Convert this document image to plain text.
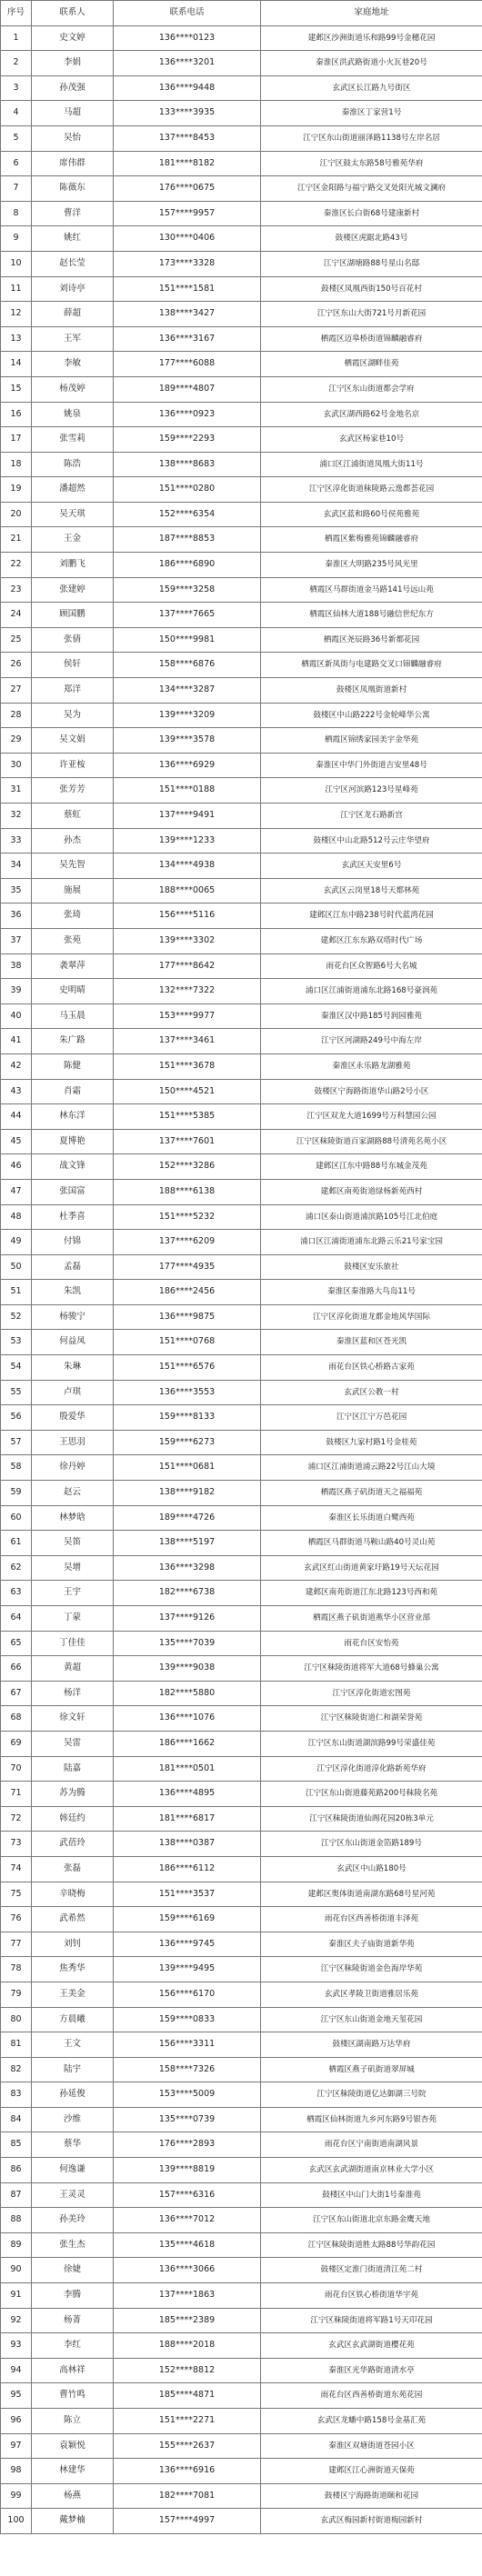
序号	联系人	联系电话	家庭地址
1	史文婷	136****0123	建邺区沙洲街道乐和路99号金穗花园
2	李娟	136****3201	秦淮区洪武路街道小火瓦巷20号
3	孙茂强	136****9448	玄武区长江路九号街区
4	马超	133****3935	秦淮区丁家营1号
5	吴怡	137****8453	江宁区东山街道丽泽路1138号左岸名居
6	席伟群	181****8182	江宁区鼓太东路58号雅苑华府
7	陈薇东	176****0675	江宁区金阳路与福宁路交叉处阳光城文澜府
8	曹洋	157****9957	秦淮区长白街68号建康新村
9	姚红	130****0406	鼓楼区虎踞北路43号
10	赵长莹	173****3328	江宁区湖塘路88号星山名邸
11	刘诗亭	151****1581	鼓楼区凤凰西街150号百花村
12	薛超	138****3427	江宁区东山大街721号月新花园
13	王军	136****3167	栖霞区迈皋桥街道锦麟融睿府
14	李敏	177****6088	栖霞区湖畔佳苑
15	杨茂婷	189****4807	江宁区东山街道都会学府
16	姚泉	136****0923	玄武区湖西路62号金地名京
17	张雪莉	159****2293	玄武区杨家巷10号
18	陈浩	138****8683	浦口区江浦街道凤凰大街11号
19	潘超然	151****0280	江宁区淳化街道秣陵路云逸都荟花园
20	吴天琪	152****6354	玄武区蓝和路60号侯苑雅苑
21	王金	187****8853	栖霞区紫梅雅苑锦麟融睿府
22	刘鹏飞	186****6890	秦淮区大明路235号风光里
23	张建婷	159****3258	栖霞区马群街道金马路141号远山苑
24	顾国鹏	137****7665	栖霞区仙林大道188号融信世纪东方
25	张倩	150****9981	栖霞区尧辰路36号新都花园
26	侯轩	158****6876	栖霞区新凤街与电建路交叉口锦麟融睿府
27	郑洋	134****3287	鼓楼区凤凰街道新村
28	吴为	139****3209	鼓楼区中山路222号金轮峰华公寓
29	吴文娟	139****3578	栖霞区锦绣家园美宇金华苑
30	许亚桉	136****6929	秦淮区中华门外街道吉安里48号
31	张芳芳	151****0188	江宁区河滨路123号星峰苑
32	蔡虹	137****9491	江宁区龙石路新宫
33	孙杰	139****1233	鼓楼区中山北路512号云庄华望府
34	吴先智	134****4938	玄武区天安里6号
35	施展	188****0065	玄武区云岗里18号天都林苑
36	张琦	156****5116	建邺区江东中路238号时代蓝湾花园
37	张苑	139****3302	建邺区江东东路双塔时代广场
38	袭翠萍	177****8642	雨花台区众智路6号大名城
39	史明晴	132****7322	浦口区江浦街道浦东北路168号豪润苑
40	马玉晨	153****9977	秦淮区汉中路185号润园雅苑
41	朱广路	137****3461	江宁区河湖路249号中海左岸
42	陈健	151****3678	秦淮区永乐路龙湖雅苑
43	肖霜	150****4521	鼓楼区宁海路街道华山路2号小区
44	林东洋	151****5385	江宁区双龙大道1699号万科慧园公园
45	夏博艳	137****7601	江宁区秣陵街道百家湖路88号清苑名苑小区
46	战文锋	152****3286	建邺区江东中路88号东城金茂苑
47	张国富	188****6138	建邺区南苑街道绿杨新苑西村
48	杜季喜	151****5232	浦口区泰山街道浦滨路105号江北伯庭
49	付锦	137****6209	浦口区江浦街道浦东北路云乐21号家宝园
50	孟磊	177****4935	鼓楼区安乐旅社
51	朱凯	186****2456	秦淮区秦淮路大鸟岛11号
52	杨骏宁	136****9875	江宁区淳化街道龙都金地风华国际
53	何益凤	151****0768	秦淮区蓝和区苍光凯
54	朱琳	151****6576	雨花台区铁心桥路古家苑
55	卢琪	136****3553	玄武区公教一村
56	殷爱华	159****8133	江宁区江宁万邑花园
57	王思羽	159****6273	鼓楼区九家村路1号金桂苑
58	徐丹婷	151****0681	浦口区江浦街道浦云路22号江山大境
59	赵云	138****9182	栖霞区燕子矶街道天之福福苑
60	林梦晗	189****4726	秦淮区长乐街道白鹭西苑
61	吴笛	138****5197	栖霞区马群街道马鞍山路40号灵山苑
62	吴增	136****3298	玄武区红山街道黄家圩路19号天坛花园
63	王宇	182****6738	建邺区南苑街道江东北路123号西和苑
64	丁蒙	137****9126	栖霞区燕子矶街道燕华小区营业部
65	丁佳佳	135****7039	雨花台区安怡苑
66	黄超	139****9038	江宁区秣陵街道将军大道68号蜂巢公寓
67	杨洋	182****5880	江宁区淳化街道宏图苑
68	徐文轩	136****1076	江宁区秣陵街道仁和湖荣誉苑
69	吴雷	186****1662	江宁区东山街道湖滨路99号荣盛佳苑
70	陆嘉	181****0501	江宁区淳化街道淳化路新苑华府
71	苏为腾	136****4895	江宁区东山街道藤苑路200号秣陵名苑
72	韩廷约	181****6817	江宁区秣陵街道仙阁花园20栋3单元
73	武蓓玲	138****0387	江宁区东山街道金箔路189号
74	张磊	186****6112	玄武区中山路180号
75	辛晓梅	151****3537	建邺区奥体街道南湖东路68号星河苑
76	武希然	159****6169	雨花台区西善桥街道丰泽苑
77	刘钊	136****9745	秦淮区夫子庙街道新华苑
78	焦秀华	139****9495	江宁区秣陵街道金色海岸华苑
79	王美金	156****6170	玄武区孝陵卫街道雅居乐苑
80	方晨曦	159****0833	江宁区东山街道金地天玺花园
81	王文	156****3311	鼓楼区湖南路万达华府
82	陆宇	158****7326	栖霞区燕子矶街道翠屏城
83	孙延俊	153****5009	江宁区秣陵街道亿达御湖三号院
84	沙维	135****0739	栖霞区仙林街道九乡河东路9号银杏苑
85	蔡华	176****2893	雨花台区宁南街道南湖风景
86	何逸谦	139****8819	玄武区玄武湖街道南京林业大学小区
87	王灵灵	157****6316	鼓楼区中山门大街1号秦淮苑
88	孙美玲	136****7012	江宁区东山街道北京东路金鹰天地
89	张生杰	135****4618	江宁区秣陵街道胜太路88号华韵花园
90	徐婕	136****3066	鼓楼区定淮门街道清江苑二村
91	李腾	137****1863	雨花台区铁心桥街道华宇苑
92	杨菁	185****2389	江宁区秣陵街道将军路1号天印花园
93	李红	188****2018	玄武区玄武湖街道樱花苑
94	高林祥	152****8812	秦淮区光华路街道清水亭
95	曹竹鸣	185****4871	雨花台区西善桥街道东苑花园
96	陈立	151****2271	玄武区龙蟠中路158号金基汇苑
97	袁颖悦	155****2637	秦淮区双塘街道苍园小区
98	林建华	136****6916	建邺区江心洲街道天保苑
99	杨燕	182****7081	鼓楼区宁海路街道颐和花园
100	戴梦楠	157****4997	玄武区梅园新村街道梅园新村
